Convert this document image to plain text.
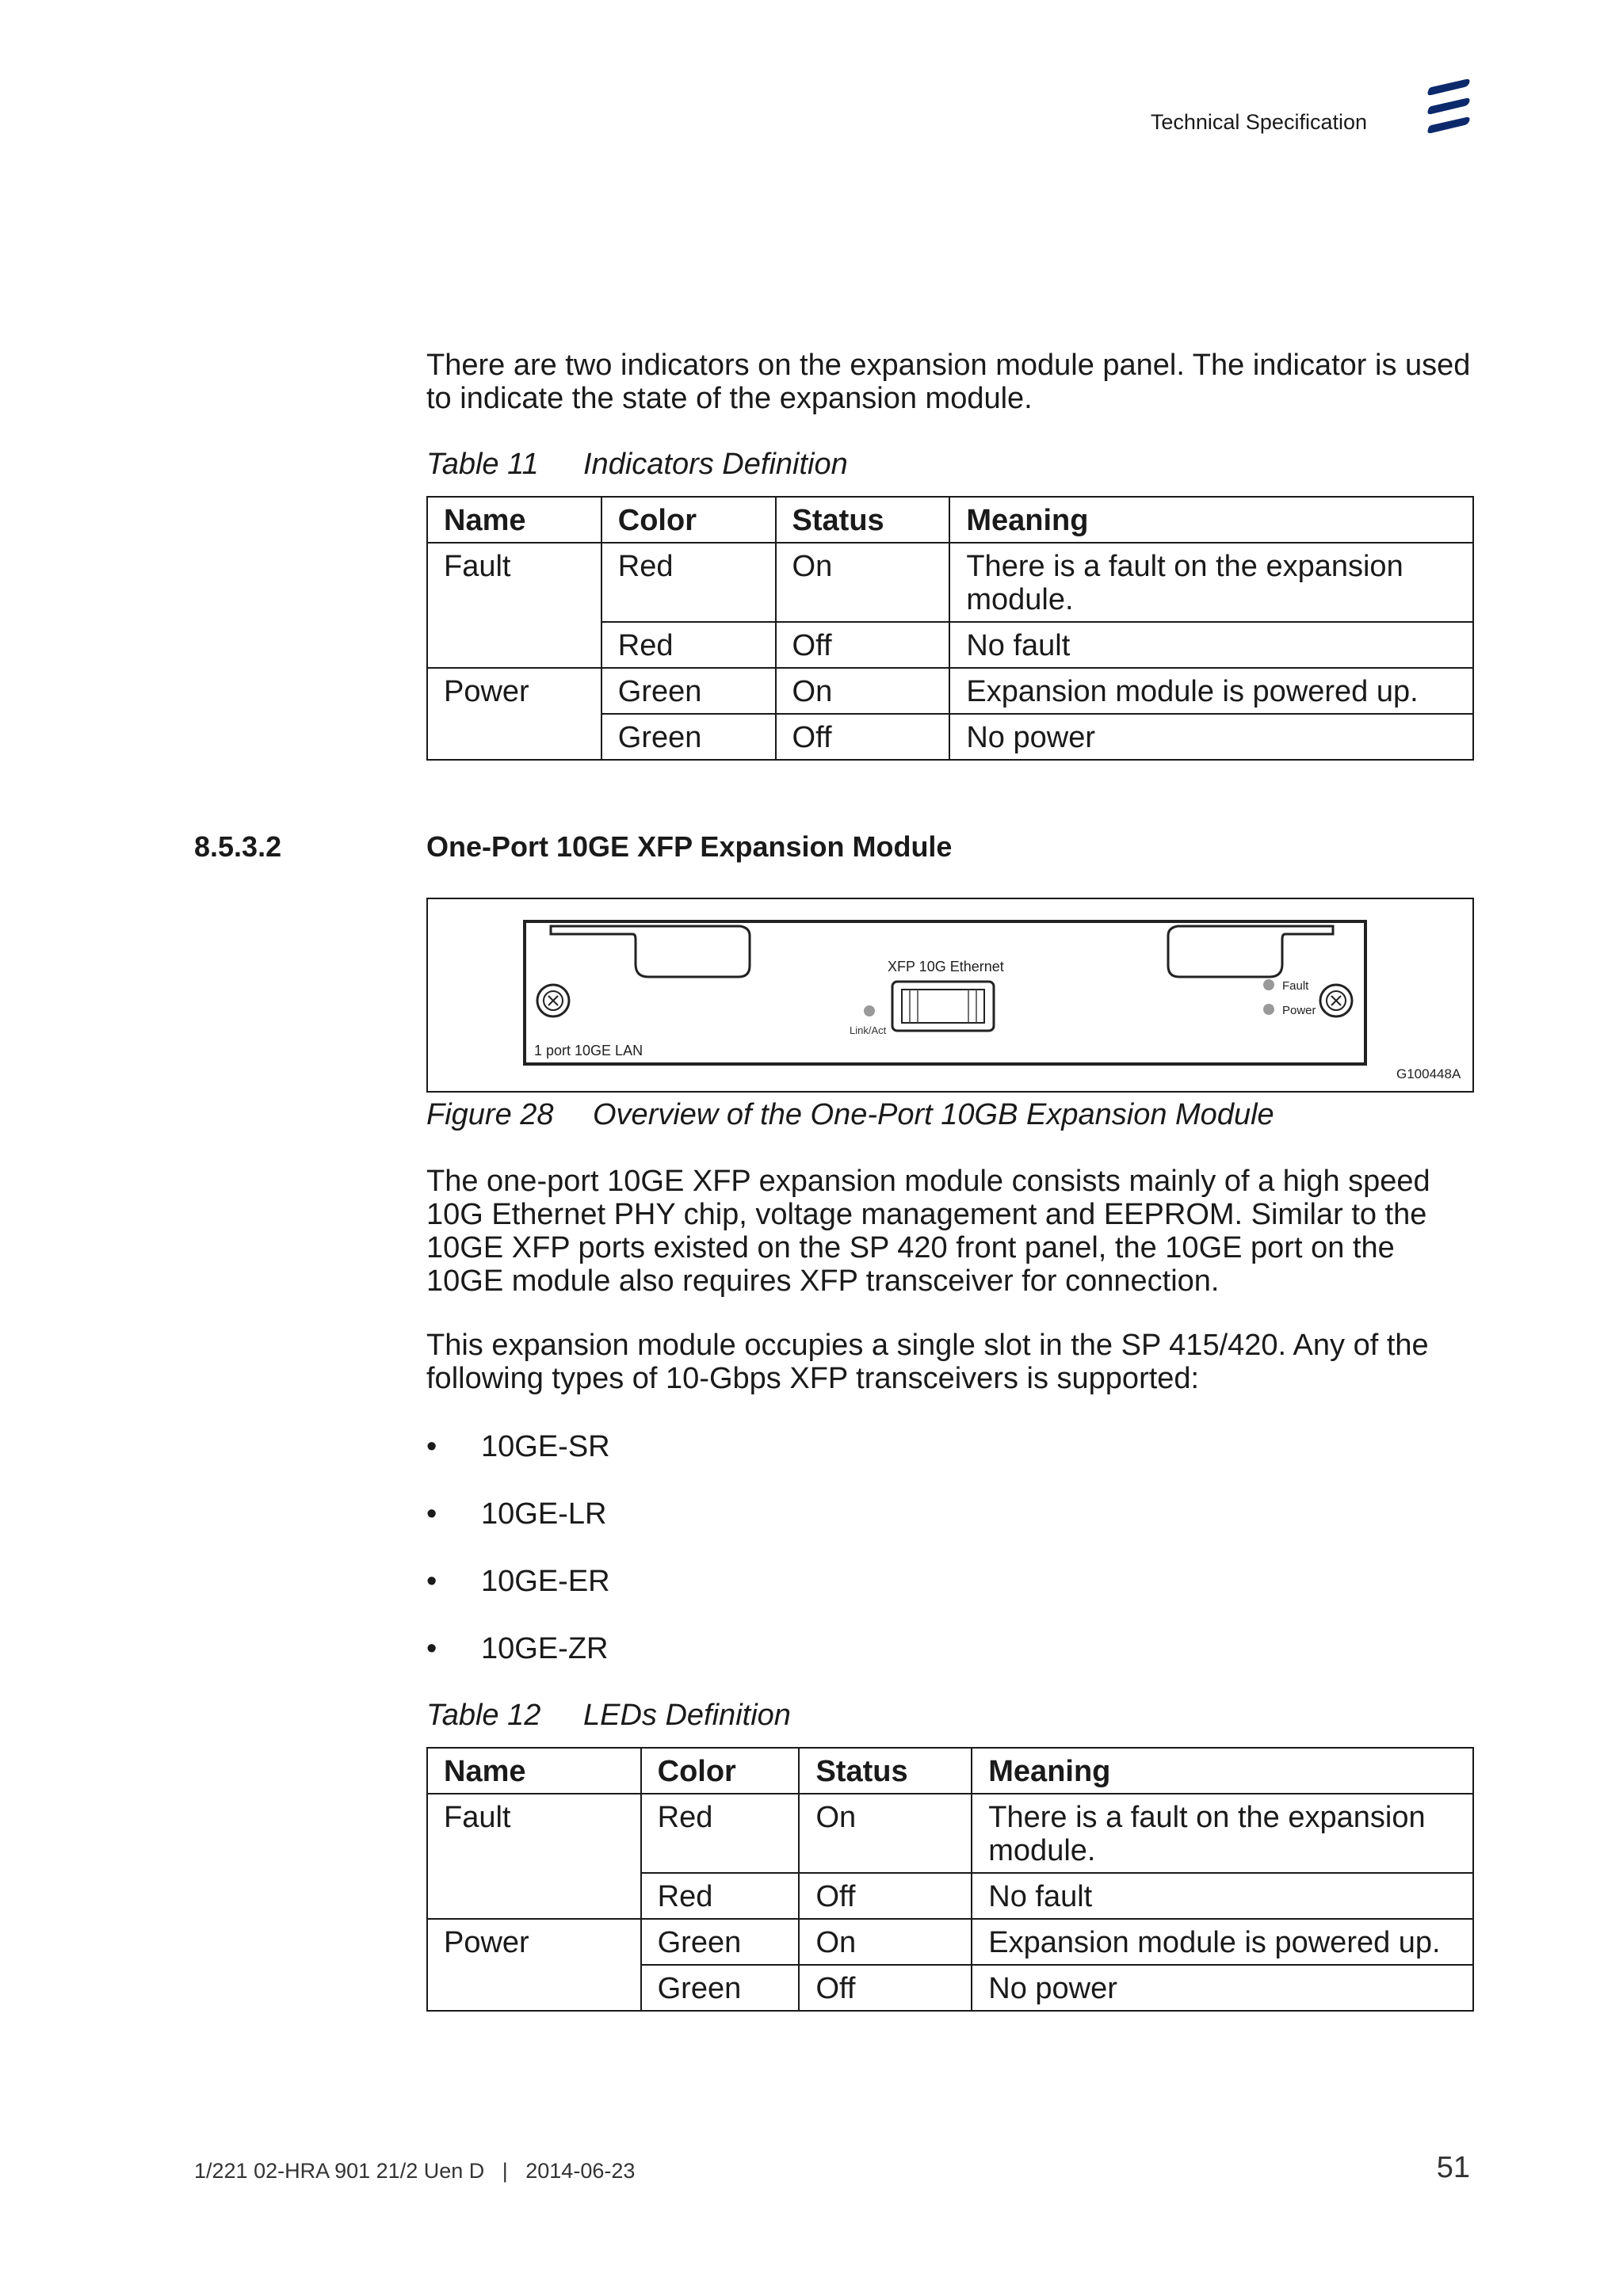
Technical Specification

There are two indicators on the expansion module panel. The indicator is used to indicate the state of the expansion module.

Table 11 Indicators Definition
Name	Color	Status	Meaning
Fault	Red	On	There is a fault on the expansion module.
	Red	Off	No fault
Power	Green	On	Expansion module is powered up.
	Green	Off	No power
8.5.3.2	One-Port 10GE XFP Expansion Module
XFP 10G Ethernet
Link/Act
Fault
Power
1 port 10GE LAN
G100448A
Figure 28 Overview of the One-Port 10GB Expansion Module

The one-port 10GE XFP expansion module consists mainly of a high speed 10G Ethernet PHY chip, voltage management and EEPROM. Similar to the 10GE XFP ports existed on the SP 420 front panel, the 10GE port on the 10GE module also requires XFP transceiver for connection.

This expansion module occupies a single slot in the SP 415/420. Any of the following types of 10-Gbps XFP transceivers is supported:

• 10GE-SR
• 10GE-LR
• 10GE-ER
• 10GE-ZR
Table 12 LEDs Definition
Name	Color	Status	Meaning
Fault	Red	On	There is a fault on the expansion module.
	Red	Off	No fault
Power	Green	On	Expansion module is powered up.
	Green	Off	No power
1/221 02-HRA 901 21/2 Uen D   |   2014-06-23	51
